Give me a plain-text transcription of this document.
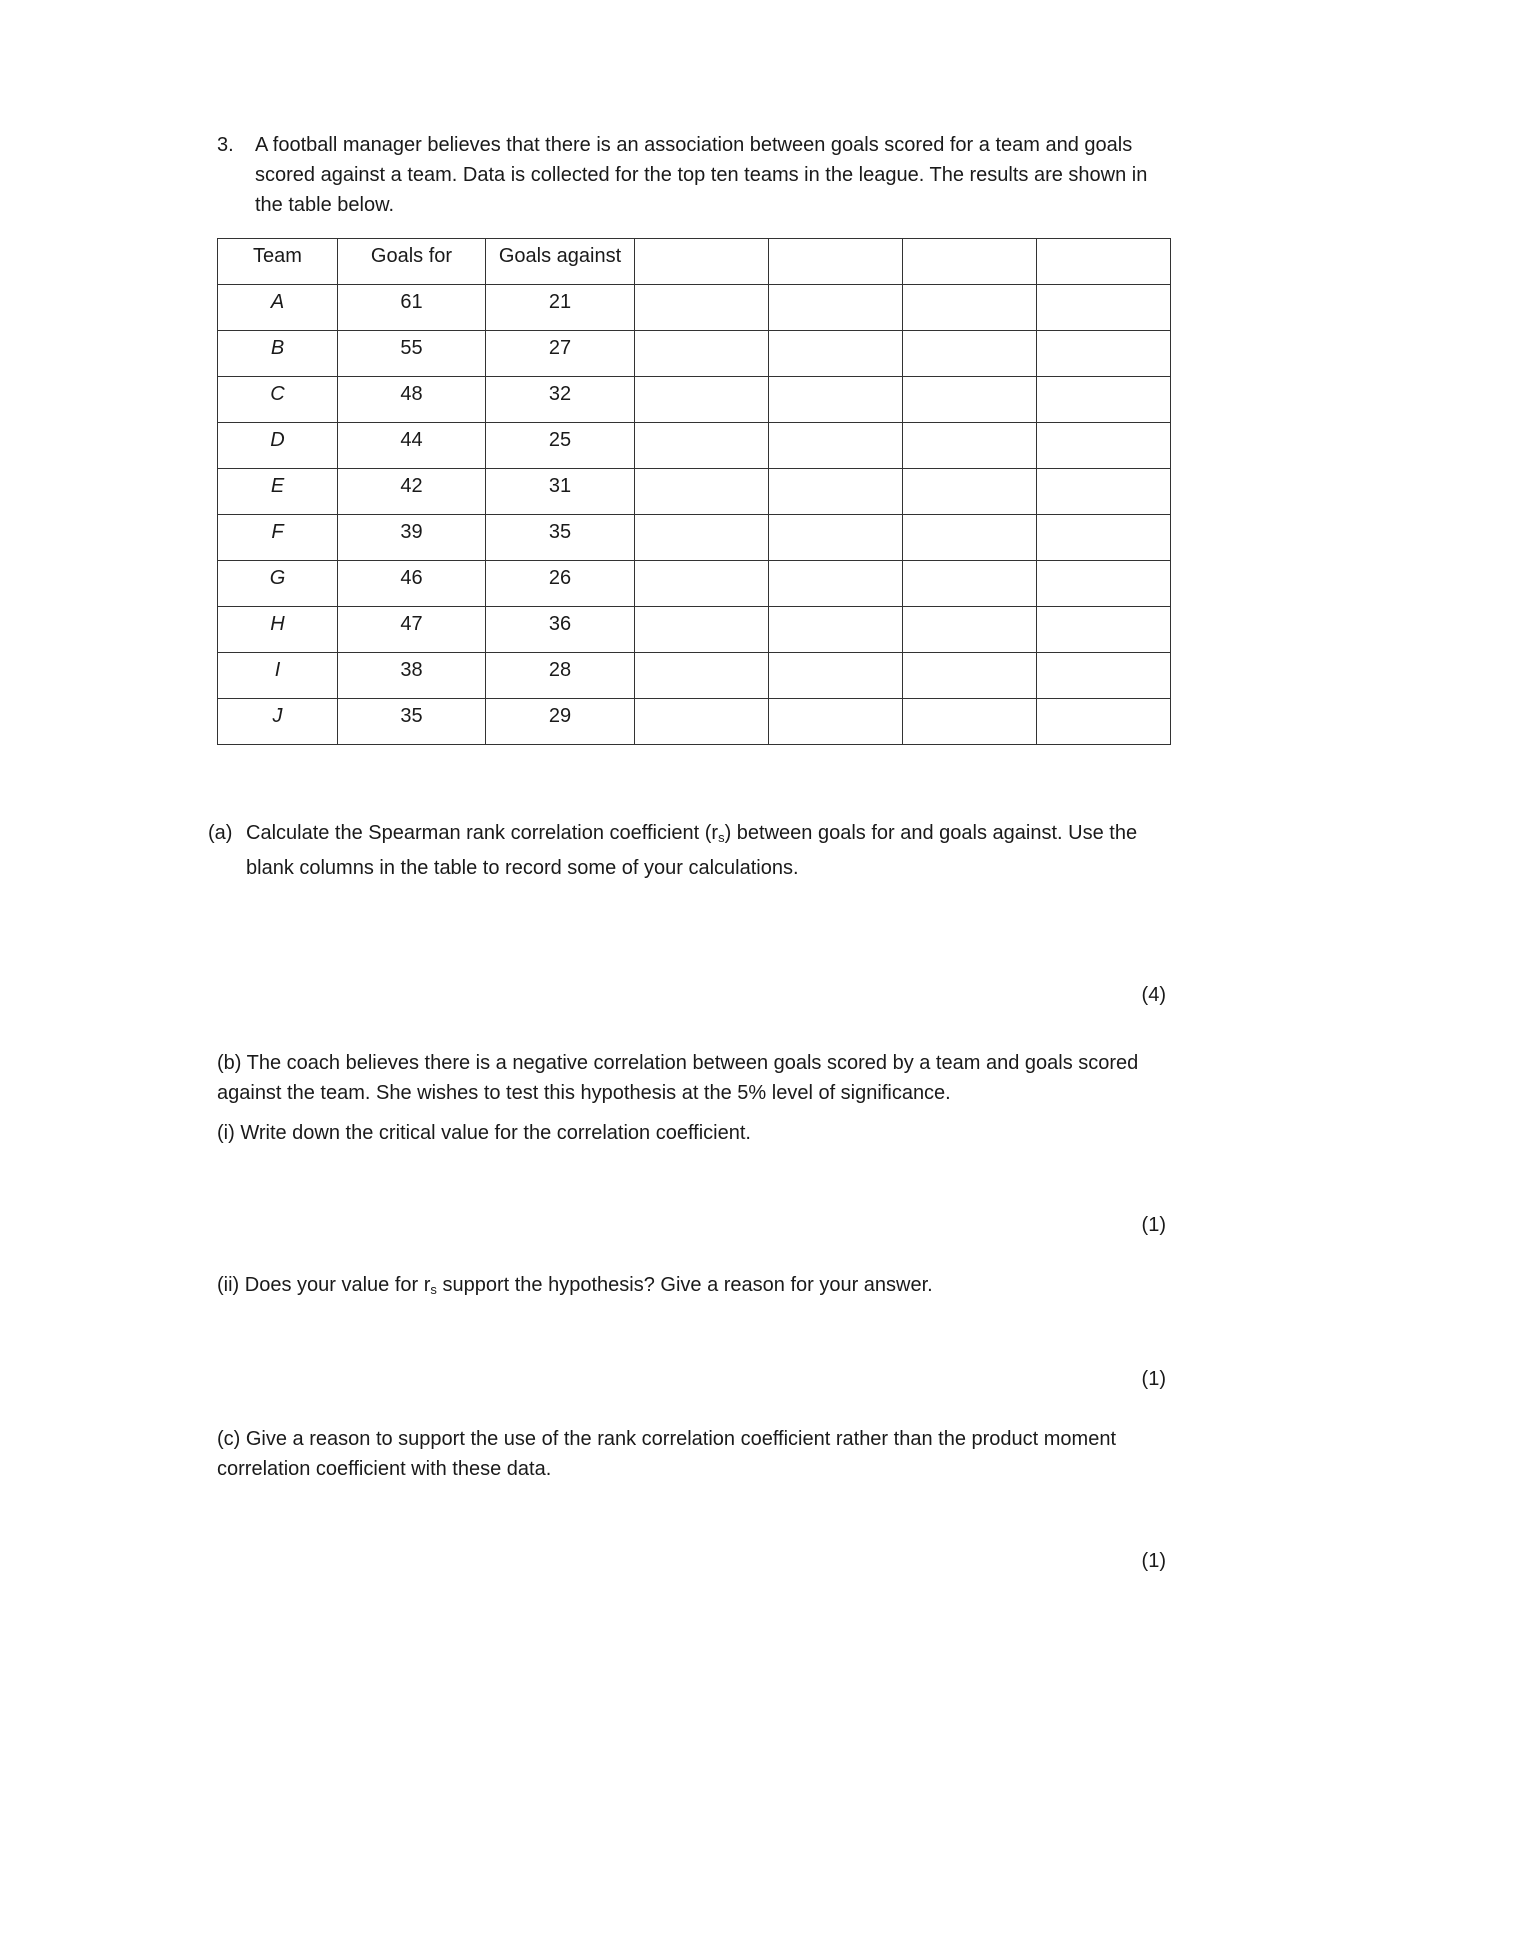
3. A football manager believes that there is an association between goals scored for a team and goals scored against a team. Data is collected for the top ten teams in the league. The results are shown in the table below.
Team	Goals for	Goals against				
A	61	21				
B	55	27				
C	48	32				
D	44	25				
E	42	31				
F	39	35				
G	46	26				
H	47	36				
I	38	28				
J	35	29				
(a) Calculate the Spearman rank correlation coefficient $(r_s)$ between goals for and goals against. Use the blank columns in the table to record some of your calculations.
(4)
(b) The coach believes there is a negative correlation between goals scored by a team and goals scored against the team. She wishes to test this hypothesis at the 5% level of significance.
(i) Write down the critical value for the correlation coefficient.
(1)
(ii) Does your value for $r_s$ support the hypothesis? Give a reason for your answer.
(1)
(c) Give a reason to support the use of the rank correlation coefficient rather than the product moment correlation coefficient with these data.
(1)
